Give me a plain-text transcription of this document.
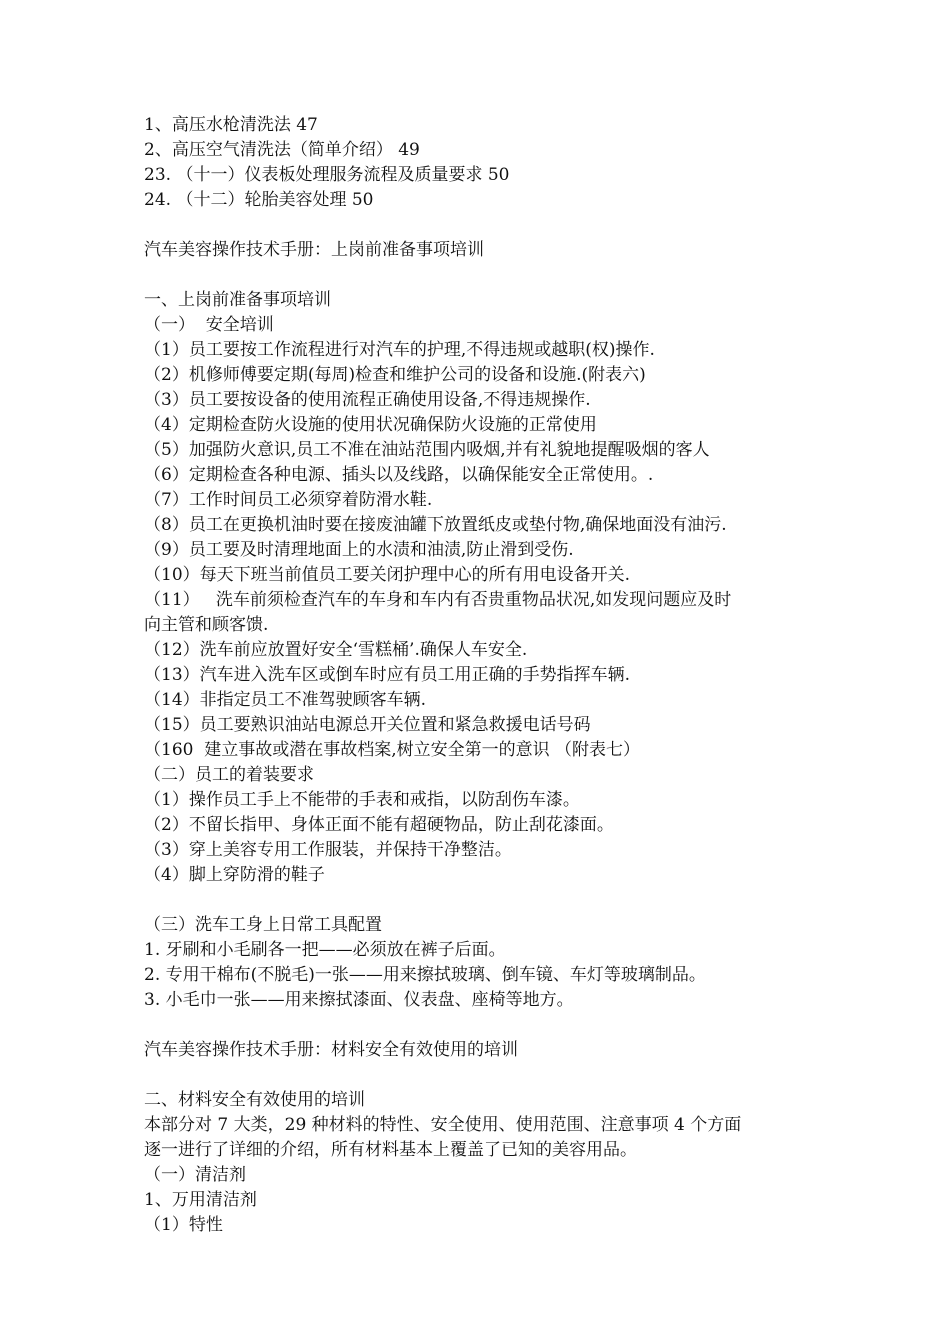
1、高压水枪清洗法 47
2、高压空气清洗法（简单介绍） 49
23. （十一）仪表板处理服务流程及质量要求 50
24. （十二）轮胎美容处理 50
汽车美容操作技术手册：上岗前准备事项培训
一、上岗前准备事项培训
（一）  安全培训
（1）员工要按工作流程进行对汽车的护理,不得违规或越职(权)操作.
（2）机修师傅要定期(每周)检查和维护公司的设备和设施.(附表六)
（3）员工要按设备的使用流程正确使用设备,不得违规操作.
（4）定期检查防火设施的使用状况确保防火设施的正常使用
（5）加强防火意识,员工不准在油站范围内吸烟,并有礼貌地提醒吸烟的客人
（6）定期检查各种电源、插头以及线路，以确保能安全正常使用。.
（7）工作时间员工必须穿着防滑水鞋.
（8）员工在更换机油时要在接废油罐下放置纸皮或垫付物,确保地面没有油污.
（9）员工要及时清理地面上的水渍和油渍,防止滑到受伤.
（10）每天下班当前值员工要关闭护理中心的所有用电设备开关.
（11）   洗车前须检查汽车的车身和车内有否贵重物品状况,如发现问题应及时
向主管和顾客馈.
（12）洗车前应放置好安全‘雪糕桶’.确保人车安全.
（13）汽车进入洗车区或倒车时应有员工用正确的手势指挥车辆.
（14）非指定员工不准驾驶顾客车辆.
（15）员工要熟识油站电源总开关位置和紧急救援电话号码
（160  建立事故或潜在事故档案,树立安全第一的意识 （附表七）
（二）员工的着装要求
（1）操作员工手上不能带的手表和戒指，以防刮伤车漆。
（2）不留长指甲、身体正面不能有超硬物品，防止刮花漆面。
（3）穿上美容专用工作服装，并保持干净整洁。
（4）脚上穿防滑的鞋子
（三）洗车工身上日常工具配置
1. 牙刷和小毛刷各一把——必须放在裤子后面。
2. 专用干棉布(不脱毛)一张——用来擦拭玻璃、倒车镜、车灯等玻璃制品。
3. 小毛巾一张——用来擦拭漆面、仪表盘、座椅等地方。
汽车美容操作技术手册：材料安全有效使用的培训
二、材料安全有效使用的培训
本部分对 7 大类，29 种材料的特性、安全使用、使用范围、注意事项 4 个方面
逐一进行了详细的介绍，所有材料基本上覆盖了已知的美容用品。
（一）清洁剂
1、万用清洁剂
（1）特性
